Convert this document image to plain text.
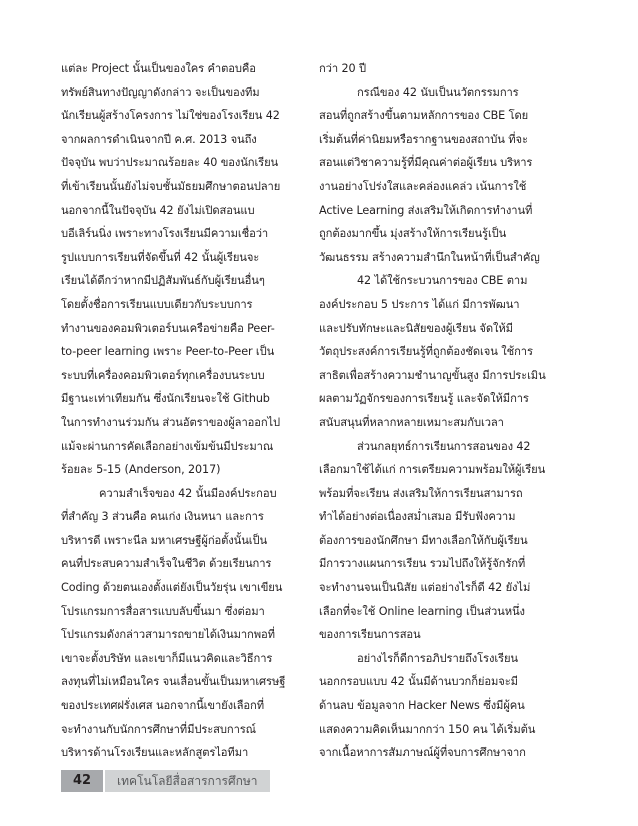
แต่ละ Project นั้นเป็นของใคร คำตอบคือ
ทรัพย์สินทางปัญญาดังกล่าว จะเป็นของทีม
นักเรียนผู้สร้างโครงการ ไม่ใช่ของโรงเรียน 42
จากผลการดำเนินจากปี ค.ศ. 2013 จนถึง
ปัจจุบัน พบว่าประมาณร้อยละ 40 ของนักเรียน
ที่เข้าเรียนนั้นยังไม่จบชั้นมัธยมศึกษาตอนปลาย
นอกจากนี้ในปัจจุบัน 42 ยังไม่เปิดสอนแบ
บอีเลิร์นนิ่ง เพราะทางโรงเรียนมีความเชื่อว่า
รูปแบบการเรียนที่จัดขึ้นที่ 42 นั้นผู้เรียนจะ
เรียนได้ดีกว่าหากมีปฏิสัมพันธ์กับผู้เรียนอื่นๆ
โดยตั้งชื่อการเรียนแบบเดียวกับระบบการ
ทำงานของคอมพิวเตอร์บนเครือข่ายคือ Peer-
to-peer learning เพราะ Peer-to-Peer เป็น
ระบบที่เครื่องคอมพิวเตอร์ทุกเครื่องบนระบบ
มีฐานะเท่าเทียมกัน ซึ่งนักเรียนจะใช้ Github
ในการทำงานร่วมกัน ส่วนอัตราของผู้ลาออกไป
แม้จะผ่านการคัดเลือกอย่างเข้มข้นมีประมาณ
ร้อยละ 5-15 (Anderson, 2017)
ความสำเร็จของ 42 นั้นมีองค์ประกอบ
ที่สำคัญ 3 ส่วนคือ คนเก่ง เงินหนา และการ
บริหารดี เพราะนีล มหาเศรษฐีผู้ก่อตั้งนั้นเป็น
คนที่ประสบความสำเร็จในชีวิต ด้วยเรียนการ
Coding ด้วยตนเองตั้งแต่ยังเป็นวัยรุ่น เขาเขียน
โปรแกรมการสื่อสารแบบลับขึ้นมา ซึ่งต่อมา
โปรแกรมดังกล่าวสามารถขายได้เงินมากพอที่
เขาจะตั้งบริษัท และเขาก็มีแนวคิดและวิธีการ
ลงทุนที่ไม่เหมือนใคร จนเลื่อนขั้นเป็นมหาเศรษฐี
ของประเทศฝรั่งเศส นอกจากนี้เขายังเลือกที่
จะทำงานกับนักการศึกษาที่มีประสบการณ์
บริหารด้านโรงเรียนและหลักสูตรไอทีมา
กว่า 20 ปี
กรณีของ 42 นับเป็นนวัตกรรมการ
สอนที่ถูกสร้างขึ้นตามหลักการของ CBE โดย
เริ่มต้นที่ค่านิยมหรือรากฐานของสถาบัน ที่จะ
สอนแต่วิชาความรู้ที่มีคุณค่าต่อผู้เรียน บริหาร
งานอย่างโปร่งใสและคล่องแคล่ว เน้นการใช้
Active Learning ส่งเสริมให้เกิดการทำงานที่
ถูกต้องมากขึ้น มุ่งสร้างให้การเรียนรู้เป็น
วัฒนธรรม สร้างความสำนึกในหน้าที่เป็นสำคัญ
42 ได้ใช้กระบวนการของ CBE ตาม
องค์ประกอบ 5 ประการ ได้แก่ มีการพัฒนา
และปรับทักษะและนิสัยของผู้เรียน จัดให้มี
วัตถุประสงค์การเรียนรู้ที่ถูกต้องชัดเจน ใช้การ
สาธิตเพื่อสร้างความชำนาญขั้นสูง มีการประเมิน
ผลตามวัฏจักรของการเรียนรู้ และจัดให้มีการ
สนับสนุนที่หลากหลายเหมาะสมกับเวลา
ส่วนกลยุทธ์การเรียนการสอนของ 42
เลือกมาใช้ได้แก่ การเตรียมความพร้อมให้ผู้เรียน
พร้อมที่จะเรียน ส่งเสริมให้การเรียนสามารถ
ทำได้อย่างต่อเนื่องสม่ำเสมอ มีรับฟังความ
ต้องการของนักศึกษา มีทางเลือกให้กับผู้เรียน
มีการวางแผนการเรียน รวมไปถึงให้รู้จักรักที่
จะทำงานจนเป็นนิสัย แต่อย่างไรก็ดี 42 ยังไม่
เลือกที่จะใช้ Online learning เป็นส่วนหนึ่ง
ของการเรียนการสอน
อย่างไรก็ดีการอภิปรายถึงโรงเรียน
นอกกรอบแบบ 42 นั้นมีด้านบวกก็ย่อมจะมี
ด้านลบ ข้อมูลจาก Hacker News ซึ่งมีผู้คน
แสดงความคิดเห็นมากกว่า 150 คน ได้เริ่มต้น
จากเนื้อหาการสัมภาษณ์ผู้ที่จบการศึกษาจาก
42	เทคโนโลยีสื่อสารการศึกษา
